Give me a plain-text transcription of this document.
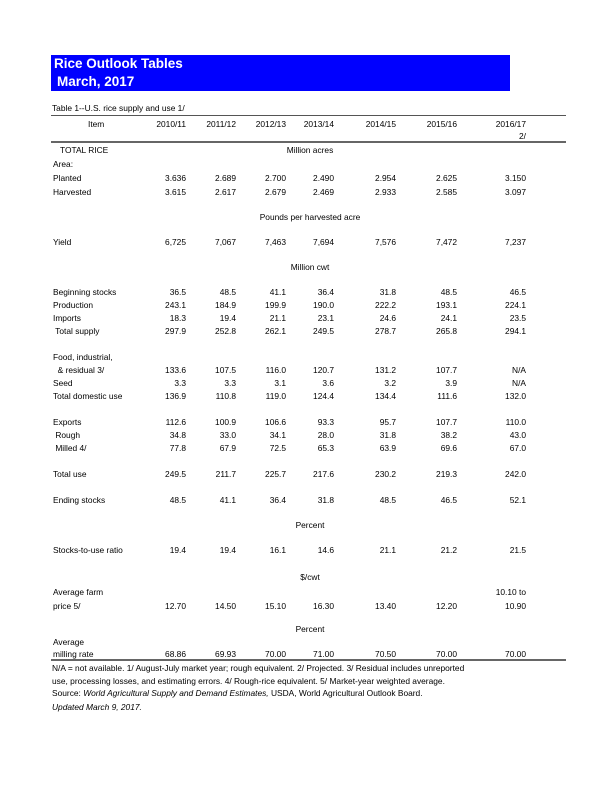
Rice Outlook Tables
March, 2017
Table 1--U.S. rice supply and use 1/
Item	2010/11	2011/12	2012/13	2013/14	2014/15	2015/16	2016/17
2/
TOTAL RICE	Million acres
Area:
Planted	3.636	2.689	2.700	2.490	2.954	2.625	3.150
Harvested	3.615	2.617	2.679	2.469	2.933	2.585	3.097
Pounds per harvested acre
Yield	6,725	7,067	7,463	7,694	7,576	7,472	7,237
Million cwt
Beginning stocks	36.5	48.5	41.1	36.4	31.8	48.5	46.5
Production	243.1	184.9	199.9	190.0	222.2	193.1	224.1
Imports	18.3	19.4	21.1	23.1	24.6	24.1	23.5
Total supply	297.9	252.8	262.1	249.5	278.7	265.8	294.1
Food, industrial,
& residual 3/	133.6	107.5	116.0	120.7	131.2	107.7	N/A
Seed	3.3	3.3	3.1	3.6	3.2	3.9	N/A
Total domestic use	136.9	110.8	119.0	124.4	134.4	111.6	132.0
Exports	112.6	100.9	106.6	93.3	95.7	107.7	110.0
Rough	34.8	33.0	34.1	28.0	31.8	38.2	43.0
Milled 4/	77.8	67.9	72.5	65.3	63.9	69.6	67.0
Total use	249.5	211.7	225.7	217.6	230.2	219.3	242.0
Ending stocks	48.5	41.1	36.4	31.8	48.5	46.5	52.1
Percent
Stocks-to-use ratio	19.4	19.4	16.1	14.6	21.1	21.2	21.5
$/cwt
Average farm	10.10 to
price 5/	12.70	14.50	15.10	16.30	13.40	12.20	10.90
Percent
Average
milling rate	68.86	69.93	70.00	71.00	70.50	70.00	70.00
N/A = not available. 1/ August-July market year; rough equivalent. 2/ Projected. 3/ Residual includes unreported
use, processing losses, and estimating errors. 4/ Rough-rice equivalent. 5/ Market-year weighted average.
Source: World Agricultural Supply and Demand Estimates, USDA, World Agricultural Outlook Board.
Updated March 9, 2017.
